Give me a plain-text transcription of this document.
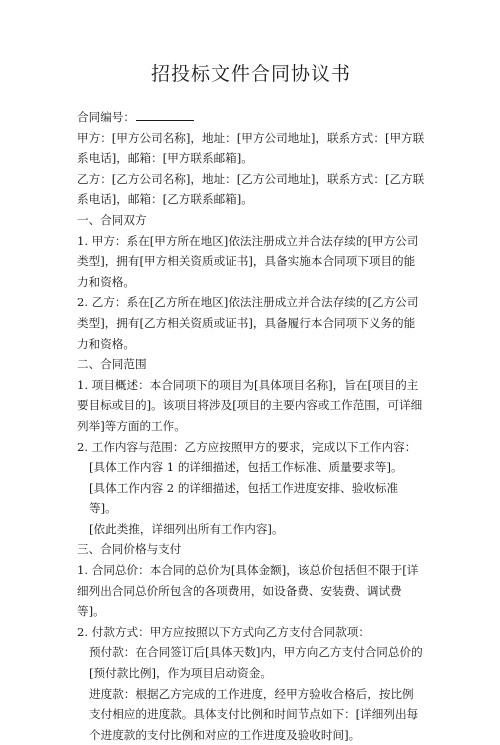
招投标文件合同协议书

合同编号：

甲方：[甲方公司名称]，地址：[甲方公司地址]，联系方式：[甲方联系电话]，邮箱：[甲方联系邮箱]。

乙方：[乙方公司名称]，地址：[乙方公司地址]，联系方式：[乙方联系电话]，邮箱：[乙方联系邮箱]。

一、合同双方

1. 甲方：系在[甲方所在地区]依法注册成立并合法存续的[甲方公司类型]，拥有[甲方相关资质或证书]，具备实施本合同项下项目的能力和资格。

2. 乙方：系在[乙方所在地区]依法注册成立并合法存续的[乙方公司类型]，拥有[乙方相关资质或证书]，具备履行本合同项下义务的能力和资格。

二、合同范围

1. 项目概述：本合同项下的项目为[具体项目名称]，旨在[项目的主要目标或目的]。该项目将涉及[项目的主要内容或工作范围，可详细列举]等方面的工作。

2. 工作内容与范围：乙方应按照甲方的要求，完成以下工作内容：

[具体工作内容 1 的详细描述，包括工作标准、质量要求等]。

[具体工作内容 2 的详细描述，包括工作进度安排、验收标准等]。

[依此类推，详细列出所有工作内容]。

三、合同价格与支付

1. 合同总价：本合同的总价为[具体金额]，该总价包括但不限于[详细列出合同总价所包含的各项费用，如设备费、安装费、调试费等]。

2. 付款方式：甲方应按照以下方式向乙方支付合同款项：

预付款：在合同签订后[具体天数]内，甲方向乙方支付合同总价的[预付款比例]，作为项目启动资金。

进度款：根据乙方完成的工作进度，经甲方验收合格后，按比例支付相应的进度款。具体支付比例和时间节点如下：[详细列出每个进度款的支付比例和对应的工作进度及验收时间]。
